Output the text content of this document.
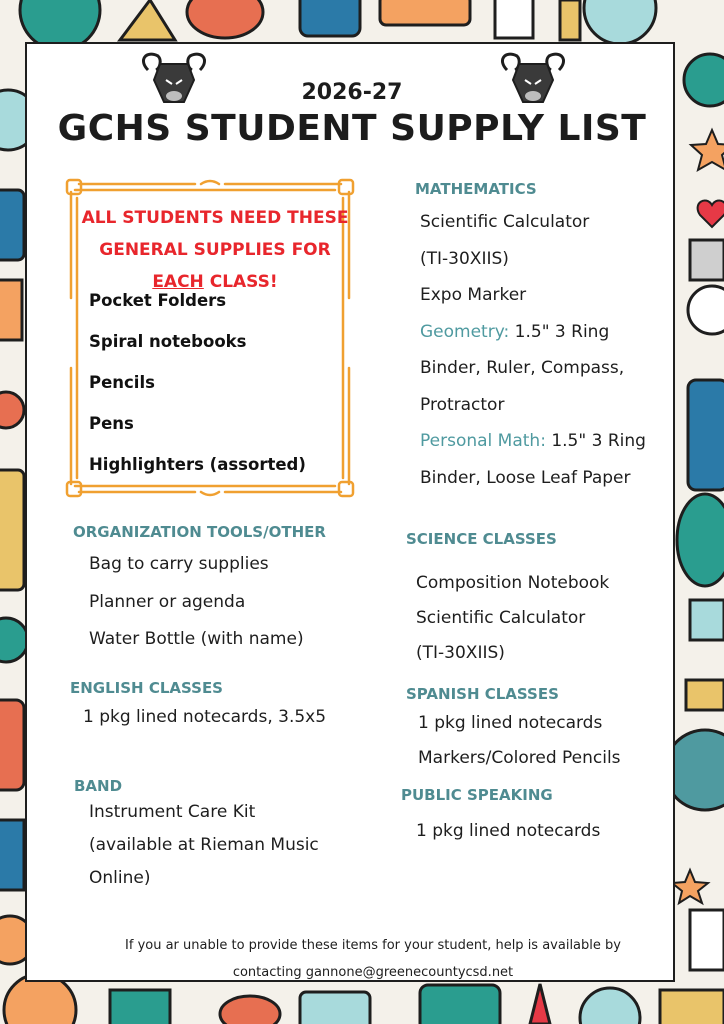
2026-27
GCHS STUDENT SUPPLY LIST
ALL STUDENTS NEED THESE
GENERAL SUPPLIES FOR
EACH CLASS!
Pocket Folders
Spiral notebooks
Pencils
Pens
Highlighters (assorted)
MATHEMATICS
Scientific Calculator
(TI-30XIIS)
Expo Marker
Geometry: 1.5" 3 Ring
Binder, Ruler, Compass,
Protractor
Personal Math: 1.5" 3 Ring
Binder, Loose Leaf Paper
ORGANIZATION TOOLS/OTHER
Bag to carry supplies
Planner or agenda
Water Bottle (with name)
SCIENCE CLASSES
Composition Notebook
Scientific Calculator
(TI-30XIIS)
ENGLISH CLASSES
1 pkg lined notecards, 3.5x5
SPANISH CLASSES
1 pkg lined notecards
Markers/Colored Pencils
BAND
Instrument Care Kit
(available at Rieman Music
Online)
PUBLIC SPEAKING
1 pkg lined notecards
If you ar unable to provide these items for your student, help is available by
contacting gannone@greenecountycsd.net
